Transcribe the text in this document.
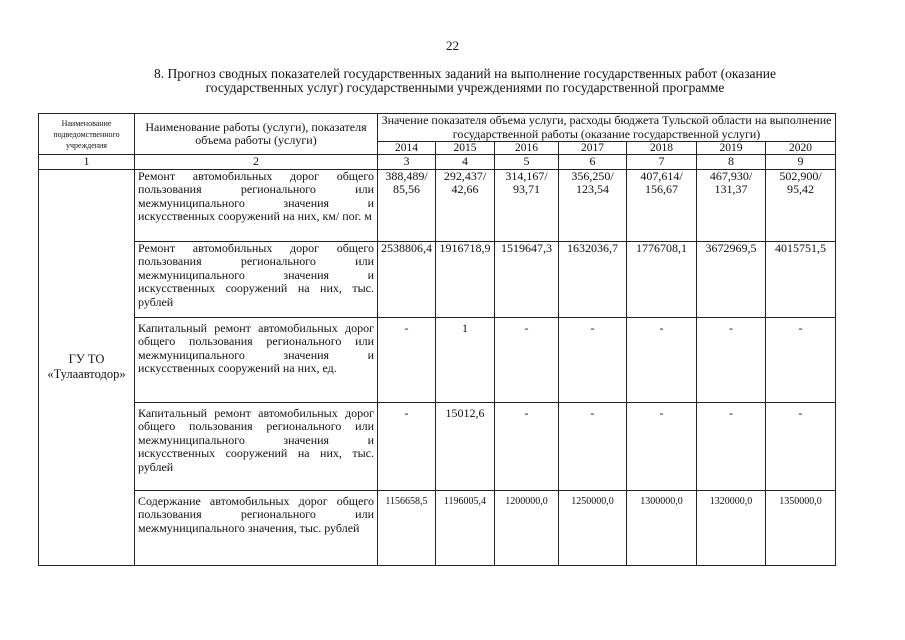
22
8. Прогноз сводных показателей государственных заданий на выполнение государственных работ (оказание
государственных услуг) государственными учреждениями по государственной программе
Наименование подведомственного учреждения	Наименование работы (услуги), показателя объема работы (услуги)	Значение показателя объема услуги, расходы бюджета Тульской области на выполнение государственной работы (оказание государственной услуги)						
		2014	2015	2016	2017	2018	2019	2020
1	2	3	4	5	6	7	8	9
ГУ ТО «Тулаавтодор»	Ремонт автомобильных дорог общего пользования регионального или межмуниципального значения и искусственных сооружений на них, км/ пог. м	388,489/ 85,56	292,437/ 42,66	314,167/ 93,71	356,250/ 123,54	407,614/ 156,67	467,930/ 131,37	502,900/ 95,42
	Ремонт автомобильных дорог общего пользования регионального или межмуниципального значения и искусственных сооружений на них, тыс. рублей	2538806,4	1916718,9	1519647,3	1632036,7	1776708,1	3672969,5	4015751,5
	Капитальный ремонт автомобильных дорог общего пользования регионального или межмуниципального значения и искусственных сооружений на них, ед.	-	1	-	-	-	-	-
	Капитальный ремонт автомобильных дорог общего пользования регионального или межмуниципального значения и искусственных сооружений на них, тыс. рублей	-	15012,6	-	-	-	-	-
	Содержание автомобильных дорог общего пользования регионального или межмуниципального значения, тыс. рублей	1156658,5	1196005,4	1200000,0	1250000,0	1300000,0	1320000,0	1350000,0
